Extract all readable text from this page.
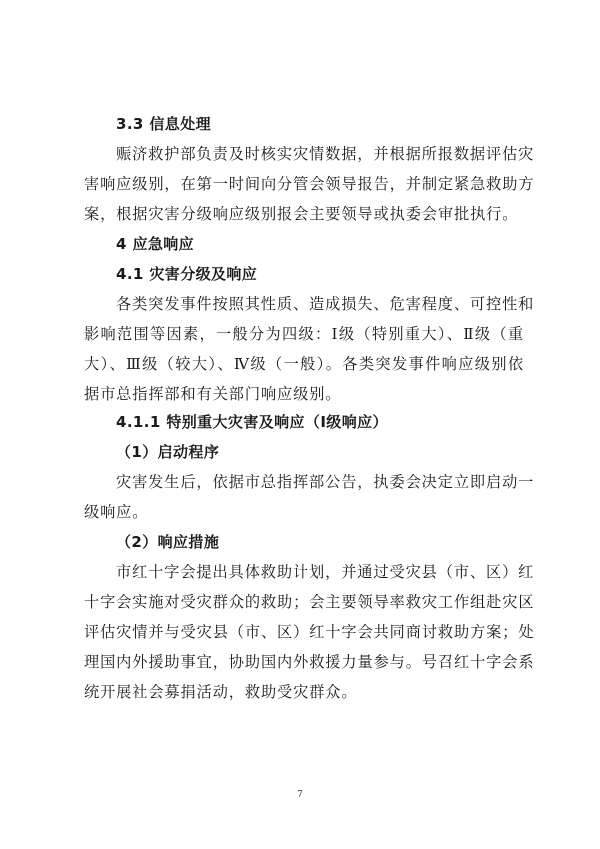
3.3 信息处理
赈济救护部负责及时核实灾情数据，并根据所报数据评估灾
害响应级别，在第一时间向分管会领导报告，并制定紧急救助方
案，根据灾害分级响应级别报会主要领导或执委会审批执行。
4 应急响应
4.1 灾害分级及响应
各类突发事件按照其性质、造成损失、危害程度、可控性和
影响范围等因素，一般分为四级：Ⅰ级（特别重大）、Ⅱ级（重
大）、Ⅲ级（较大）、Ⅳ级（一般）。各类突发事件响应级别依
据市总指挥部和有关部门响应级别。
4.1.1 特别重大灾害及响应（Ⅰ级响应）
（1）启动程序
灾害发生后，依据市总指挥部公告，执委会决定立即启动一
级响应。
（2）响应措施
市红十字会提出具体救助计划，并通过受灾县（市、区）红
十字会实施对受灾群众的救助；会主要领导率救灾工作组赴灾区
评估灾情并与受灾县（市、区）红十字会共同商讨救助方案；处
理国内外援助事宜，协助国内外救援力量参与。号召红十字会系
统开展社会募捐活动，救助受灾群众。
7
